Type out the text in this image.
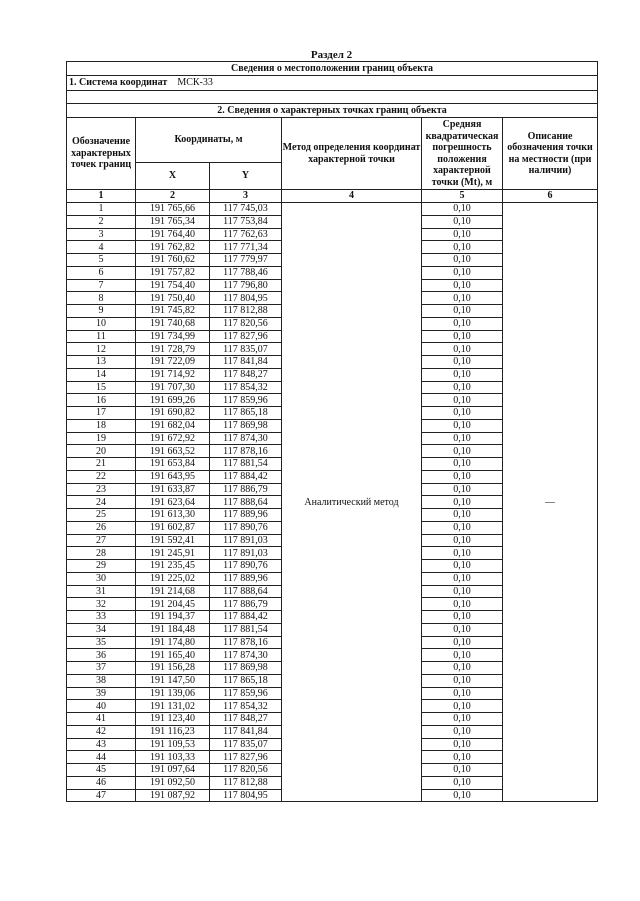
Раздел 2
Сведения о местоположении границ объекта					
1. Система координат МСК-33					

2. Сведения о характерных точках границ объекта					
Обозначение характерных точек границ	Координаты, м		Метод определения координат характерной точки	Средняя квадратическая погрешность положения характерной точки (Mt), м	Описание обозначения точки на местности (при наличии)
	X	Y			
1	2	3	4	5	6
1	191 765,66	117 745,03	Аналитический метод	0,10	—
2	191 765,34	117 753,84		0,10	
3	191 764,40	117 762,63		0,10	
4	191 762,82	117 771,34		0,10	
5	191 760,62	117 779,97		0,10	
6	191 757,82	117 788,46		0,10	
7	191 754,40	117 796,80		0,10	
8	191 750,40	117 804,95		0,10	
9	191 745,82	117 812,88		0,10	
10	191 740,68	117 820,56		0,10	
11	191 734,99	117 827,96		0,10	
12	191 728,79	117 835,07		0,10	
13	191 722,09	117 841,84		0,10	
14	191 714,92	117 848,27		0,10	
15	191 707,30	117 854,32		0,10	
16	191 699,26	117 859,96		0,10	
17	191 690,82	117 865,18		0,10	
18	191 682,04	117 869,98		0,10	
19	191 672,92	117 874,30		0,10	
20	191 663,52	117 878,16		0,10	
21	191 653,84	117 881,54		0,10	
22	191 643,95	117 884,42		0,10	
23	191 633,87	117 886,79		0,10	
24	191 623,64	117 888,64		0,10	
25	191 613,30	117 889,96		0,10	
26	191 602,87	117 890,76		0,10	
27	191 592,41	117 891,03		0,10	
28	191 245,91	117 891,03		0,10	
29	191 235,45	117 890,76		0,10	
30	191 225,02	117 889,96		0,10	
31	191 214,68	117 888,64		0,10	
32	191 204,45	117 886,79		0,10	
33	191 194,37	117 884,42		0,10	
34	191 184,48	117 881,54		0,10	
35	191 174,80	117 878,16		0,10	
36	191 165,40	117 874,30		0,10	
37	191 156,28	117 869,98		0,10	
38	191 147,50	117 865,18		0,10	
39	191 139,06	117 859,96		0,10	
40	191 131,02	117 854,32		0,10	
41	191 123,40	117 848,27		0,10	
42	191 116,23	117 841,84		0,10	
43	191 109,53	117 835,07		0,10	
44	191 103,33	117 827,96		0,10	
45	191 097,64	117 820,56		0,10	
46	191 092,50	117 812,88		0,10	
47	191 087,92	117 804,95		0,10	
